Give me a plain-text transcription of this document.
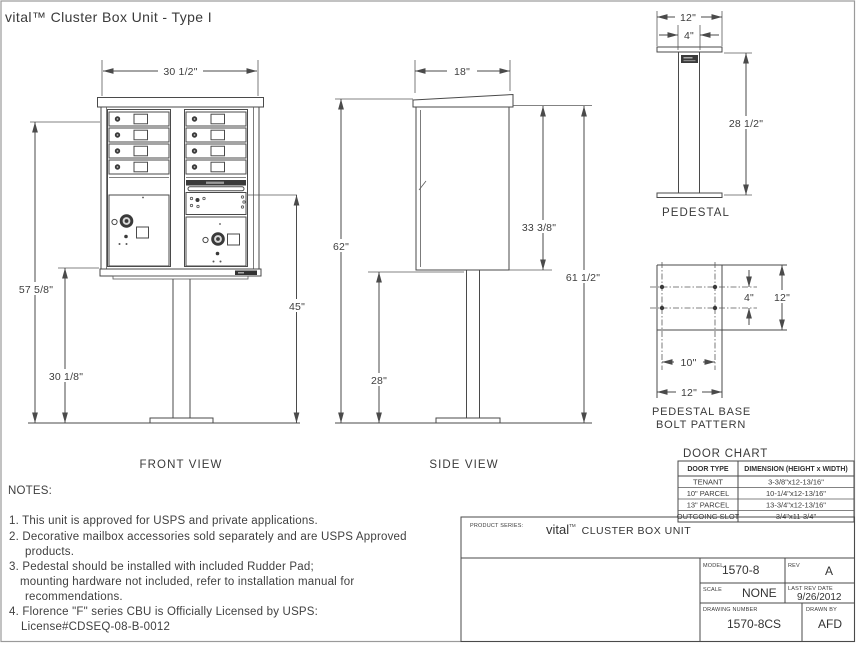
vital™ Cluster Box Unit - Type I
30 1/2"
57 5/8"
30 1/8"
45"
FRONT VIEW
18"
62"
33 3/8"
61 1/2"
28"
SIDE VIEW
12"
4"
28 1/2"
PEDESTAL
4" 12"
10"
12"
PEDESTAL BASE
BOLT PATTERN
DOOR CHART
DOOR TYPE DIMENSION (HEIGHT x WIDTH)
TENANT	3-3/8"x12-13/16"
10" PARCEL	10-1/4"x12-13/16"
13" PARCEL	13-3/4"x12-13/16"
OUTGOING SLOT	3/4"x11-3/4"
NOTES:
1. This unit is approved for USPS and private applications.
2. Decorative mailbox accessories sold separately and are USPS Approved
products.
3. Pedestal should be installed with included Rudder Pad;
mounting hardware not included, refer to installation manual for
recommendations.
4. Florence "F" series CBU is Officially Licensed by USPS:
License#CDSEQ-08-B-0012
PRODUCT SERIES: vital™ $_{CLUSTER BOX UNIT}$
MODEL
1570-8	REV A
SCALE NONE LAST REV DATE
9/26/2012
DRAWING NUMBER
1570-8CS
DRAWN BY
AFD
